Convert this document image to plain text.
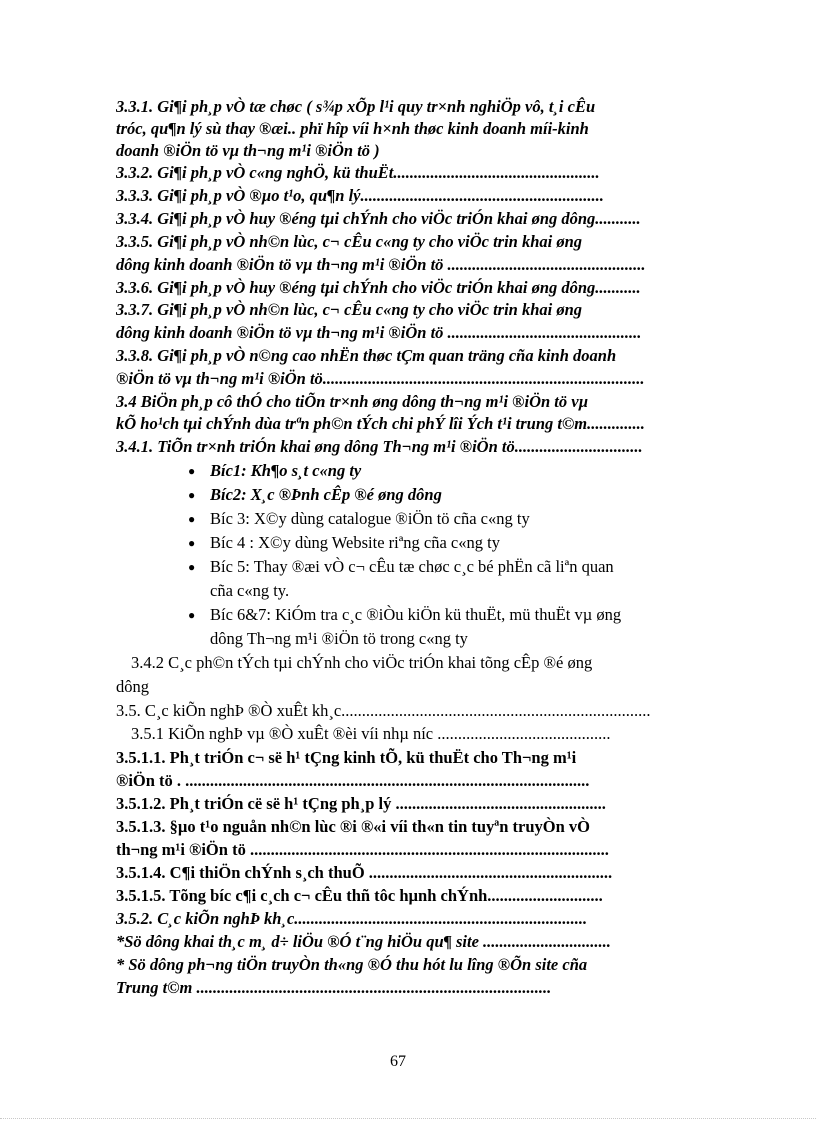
3.3.1. Gi¶i ph¸p vÒ tæ chøc ( s¾p xÕp l¹i quy tr×nh nghiÖp vô, t¸i cÊu
tróc, qu¶n lý sù thay ®æi.. phï hîp víi h×nh thøc kinh doanh míi-kinh
doanh ®iÖn tö vµ th¬ng m¹i ®iÖn tö )
3.3.2. Gi¶i ph¸p vÒ c«ng nghÖ, kü thuËt..................................................
3.3.3. Gi¶i ph¸p vÒ ®µo t¹o, qu¶n lý...........................................................
3.3.4. Gi¶i ph¸p vÒ huy ®éng tµi chÝnh cho viÖc triÓn khai øng dông...........
3.3.5. Gi¶i ph¸p vÒ nh©n lùc, c¬ cÊu c«ng ty cho viÖc trin khai øng
dông kinh doanh ®iÖn tö vµ th¬ng m¹i ®iÖn tö ................................................
3.3.6. Gi¶i ph¸p vÒ huy ®éng tµi chÝnh cho viÖc triÓn khai øng dông...........
3.3.7. Gi¶i ph¸p vÒ nh©n lùc, c¬ cÊu c«ng ty cho viÖc trin khai øng
dông kinh doanh ®iÖn tö vµ th¬ng m¹i ®iÖn tö ...............................................
3.3.8. Gi¶i ph¸p vÒ n©ng cao nhËn thøc tÇm quan träng cña kinh doanh
®iÖn tö vµ th¬ng m¹i ®iÖn tö..............................................................................
3.4 BiÖn ph¸p cô thÓ cho tiÕn tr×nh øng dông th¬ng m¹i ®iÖn tö vµ
kÕ ho¹ch tµi chÝnh dùa trªn ph©n tÝch chi phÝ lîi Ých t¹i trung t©m..............
3.4.1. TiÕn tr×nh triÓn khai øng dông Th¬ng m¹i ®iÖn tö...............................
● Bíc1: Kh¶o s¸t c«ng ty
● Bíc2: X¸c ®Þnh cÊp ®é øng dông
● Bíc 3: X©y dùng catalogue ®iÖn tö cña c«ng ty
● Bíc 4 : X©y dùng Website riªng cña c«ng ty
● Bíc 5: Thay ®æi vÒ c¬ cÊu tæ chøc c¸c bé phËn cã liªn quan
cña c«ng ty.
● Bíc 6&7: KiÓm tra c¸c ®iÒu kiÖn kü thuËt, mü thuËt vµ øng
dông Th¬ng m¹i ®iÖn tö trong c«ng ty
3.4.2 C¸c ph©n tÝch tµi chÝnh cho viÖc triÓn khai tõng cÊp ®é øng
dông
3.5. C¸c kiÕn nghÞ ®Ò xuÊt kh¸c...........................................................................
3.5.1 KiÕn nghÞ vµ ®Ò xuÊt ®èi víi nhµ níc ..........................................
3.5.1.1. Ph¸t triÓn c¬ së h¹ tÇng kinh tÕ, kü thuËt cho Th¬ng m¹i
®iÖn tö . ..................................................................................................
3.5.1.2. Ph¸t triÓn cë së h¹ tÇng ph¸p lý ...................................................
3.5.1.3. §µo t¹o nguån nh©n lùc ®i ®«i víi th«n tin tuyªn truyÒn vÒ
th¬ng m¹i ®iÖn tö .......................................................................................
3.5.1.4. C¶i thiÖn chÝnh s¸ch thuÕ ...........................................................
3.5.1.5. Tõng bíc c¶i c¸ch c¬ cÊu thñ tôc hµnh chÝnh............................
3.5.2. C¸c kiÕn nghÞ kh¸c.......................................................................
*Sö dông khai th¸c m¸ d÷ liÖu ®Ó t¨ng hiÖu qu¶ site ...............................
* Sö dông ph¬ng tiÖn truyÒn th«ng ®Ó thu hót lu lîng ®Õn site cña
Trung t©m ......................................................................................
67
